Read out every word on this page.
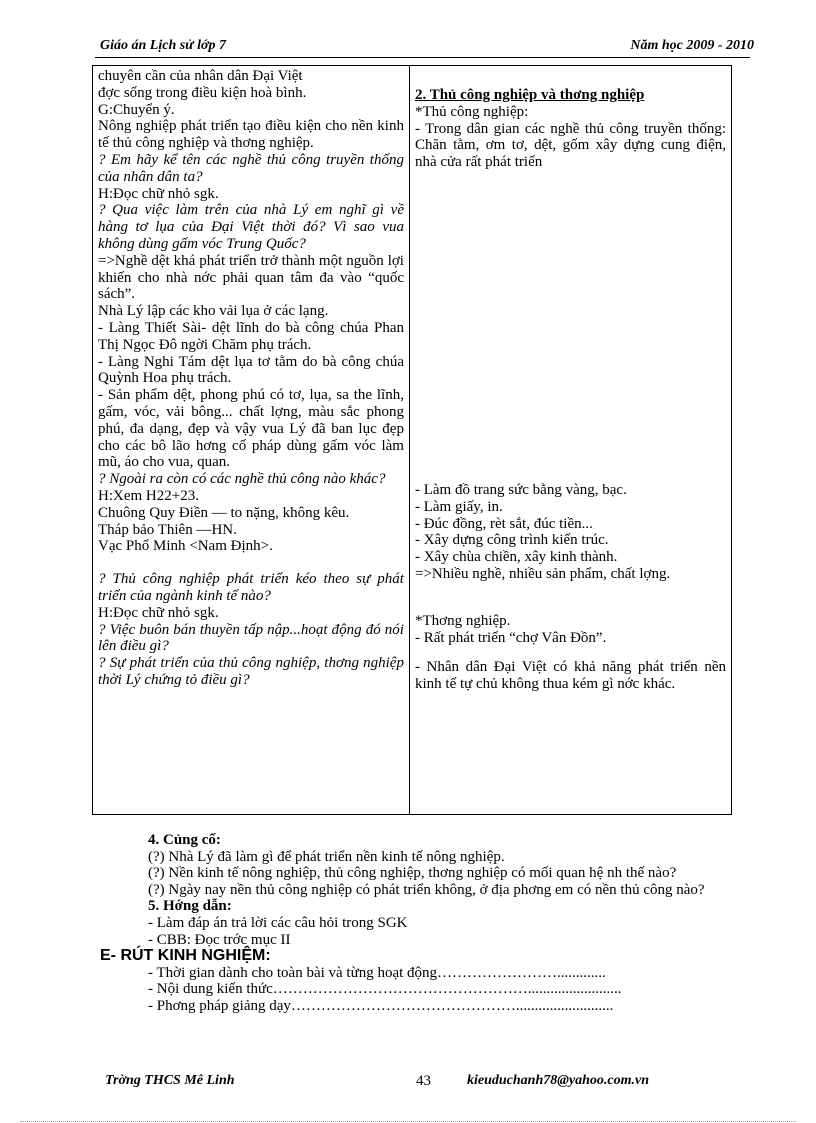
Giáo án Lịch sử lớp 7	Năm học 2009 - 2010
chuyên cần của nhân dân Đại Việt
đợc sống trong điều kiện hoà bình.
G:Chuyển ý.
Nông nghiệp phát triển tạo điều kiện cho nền kinh tế thủ công nghiệp và thơng nghiệp.
? Em hãy kể tên các nghề thủ công truyền thống của nhân dân ta?
H:Đọc chữ nhỏ sgk.
? Qua việc làm trên của nhà Lý em nghĩ gì về hàng tơ lụa của Đại Việt thời đó? Vì sao vua không dùng gấm vóc Trung Quốc?
=>Nghề dệt khá phát triển trở thành một nguồn lợi khiến cho nhà nớc phải quan tâm đa vào “quốc sách”.
Nhà Lý lập các kho vải lụa ở các lạng.
- Làng Thiết Sài- dệt lĩnh do bà công chúa Phan Thị Ngọc Đô ngời Chăm phụ trách.
- Làng Nghi Tám dệt lụa tơ tằm do bà công chúa Quỳnh Hoa phụ trách.
- Sản phẩm dệt, phong phú có tơ, lụa, sa the lĩnh, gấm, vóc, vải bông... chất lợng, màu sắc phong phú, đa dạng, đẹp và vậy vua Lý đã ban lục đẹp cho các bô lão hơng cố pháp dùng gấm vóc làm mũ, áo cho vua, quan.
? Ngoài ra còn có các nghề thủ công nào khác?
H:Xem H22+23.
Chuông Quy Điền — to nặng, không kêu.
Tháp bảo Thiên —HN.
Vạc Phổ Minh <Nam Định>.
? Thủ công nghiệp phát triển kéo theo sự phát triển của ngành kinh tế nào?
H:Đọc chữ nhỏ sgk.
? Việc buôn bán thuyền tấp nập...hoạt động đó nói lên điều gì?
? Sự phát triển của thủ công nghiệp, thơng nghiệp thời Lý chứng tỏ điều gì?

2. Thủ công nghiệp và thơng nghiệp
*Thủ công nghiệp:
- Trong dân gian các nghề thủ công truyền thống: Chăn tằm, ơm tơ, dệt, gốm xây dựng cung điện, nhà cửa rất phát triển
- Làm đồ trang sức bằng vàng, bạc.
- Làm giấy, in.
- Đúc đồng, rèt sắt, đúc tiền...
- Xây dựng công trình kiến trúc.
- Xây chùa chiền, xây kinh thành.
=>Nhiều nghề, nhiều sản phẩm, chất lợng.
*Thơng nghiệp.
- Rất phát triển “chợ Vân Đồn”.
- Nhân dân Đại Việt có khả năng phát triển nền kinh tế tự chủ không thua kém gì nớc khác.
4. Củng cố:
(?) Nhà Lý đã làm gì để phát triển nền kinh tế nông nghiệp.
(?) Nền kinh tế nông nghiệp, thủ công nghiệp, thơng nghiệp có mối quan hệ nh thế nào?
(?) Ngày nay nền thủ công nghiệp có phát triển không, ở địa phơng em có nền thủ công nào?
5. Hớng dẫn:
- Làm đáp án trả lời các câu hỏi trong SGK
- CBB: Đọc trớc mục II
E- RÚT KINH NGHIỆM:
- Thời gian dành cho toàn bài và từng hoạt động…………………….............
- Nội dung kiến thức…………………………………………….........................
- Phơng pháp giảng dạy………………………………………..........................
Trờng THCS Mê Linh	43	kieuduchanh78@yahoo.com.vn
